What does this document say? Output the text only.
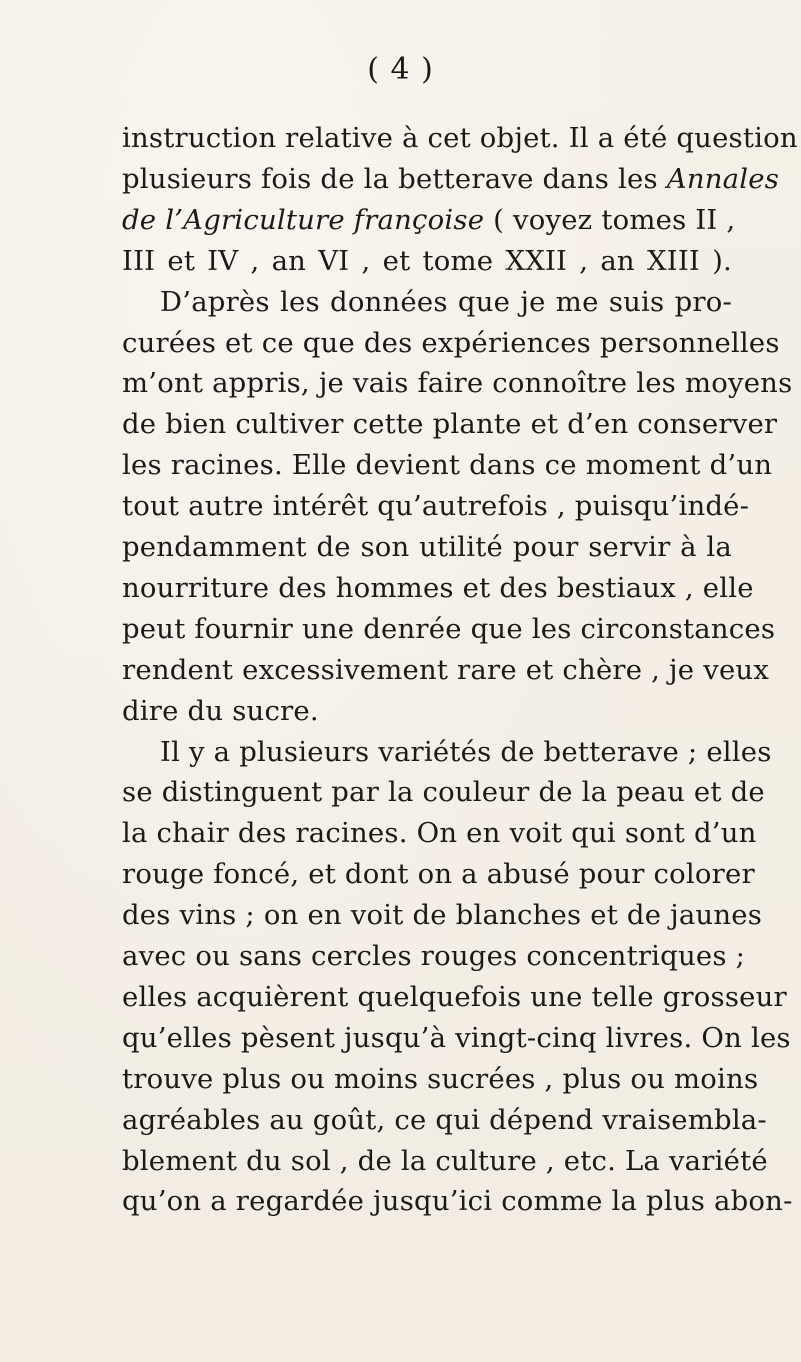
( 4 )
instruction relative à cet objet. Il a été question
plusieurs fois de la betterave dans les Annales
de l’Agriculture françoise ( voyez tomes II ,
III et IV , an VI , et tome XXII , an XIII ).
D’après les données que je me suis pro-
curées et ce que des expériences personnelles
m’ont appris, je vais faire connoître les moyens
de bien cultiver cette plante et d’en conserver
les racines. Elle devient dans ce moment d’un
tout autre intérêt qu’autrefois , puisqu’indé-
pendamment de son utilité pour servir à la
nourriture des hommes et des bestiaux , elle
peut fournir une denrée que les circonstances
rendent excessivement rare et chère , je veux
dire du sucre.
Il y a plusieurs variétés de betterave ; elles
se distinguent par la couleur de la peau et de
la chair des racines. On en voit qui sont d’un
rouge foncé, et dont on a abusé pour colorer
des vins ; on en voit de blanches et de jaunes
avec ou sans cercles rouges concentriques ;
elles acquièrent quelquefois une telle grosseur
qu’elles pèsent jusqu’à vingt-cinq livres. On les
trouve plus ou moins sucrées , plus ou moins
agréables au goût, ce qui dépend vraisembla-
blement du sol , de la culture , etc. La variété
qu’on a regardée jusqu’ici comme la plus abon-
